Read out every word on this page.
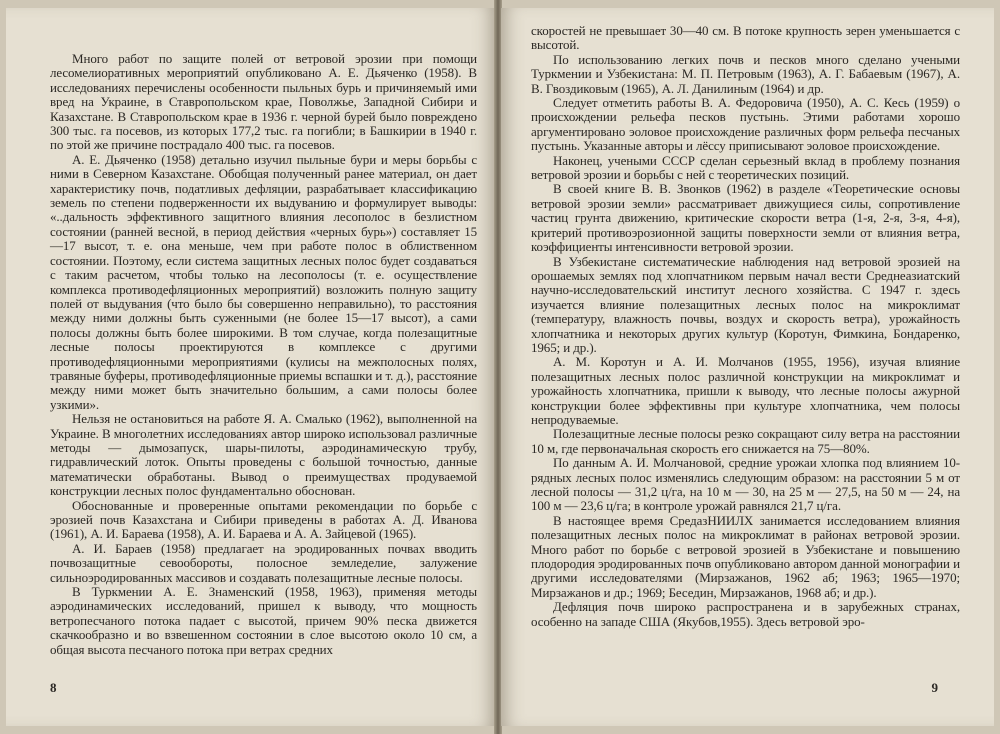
Много работ по защите полей от ветровой эрозии при помощи лесомелиоративных мероприятий опубликовано А. Е. Дьяченко (1958). В исследованиях перечислены особенности пыльных бурь и причиняемый ими вред на Украине, в Ставропольском крае, Поволжье, Западной Сибири и Казахстане. В Ставропольском крае в 1936 г. черной бурей было повреждено 300 тыс. га посевов, из которых 177,2 тыс. га погибли; в Башкирии в 1940 г. по этой же причине пострадало 400 тыс. га посевов.

А. Е. Дьяченко (1958) детально изучил пыльные бури и меры борьбы с ними в Северном Казахстане. Обобщая полученный ранее материал, он дает характеристику почв, податливых дефляции, разрабатывает классификацию земель по степени подверженности их выдуванию и формулирует выводы: «..дальность эффективного защитного влияния лесополос в безлистном состоянии (ранней весной, в период действия «черных бурь») составляет 15—17 высот, т. е. она меньше, чем при работе полос в облиственном состоянии. Поэтому, если система защитных лесных полос будет создаваться с таким расчетом, чтобы только на лесополосы (т. е. осуществление комплекса противодефляционных мероприятий) возложить полную защиту полей от выдувания (что было бы совершенно неправильно), то расстояния между ними должны быть суженными (не более 15—17 высот), а сами полосы должны быть более широкими. В том случае, когда полезащитные лесные полосы проектируются в комплексе с другими противодефляционными мероприятиями (кулисы на межполосных полях, травяные буферы, противодефляционные приемы вспашки и т. д.), расстояние между ними может быть значительно большим, а сами полосы более узкими».

Нельзя не остановиться на работе Я. А. Смалько (1962), выполненной на Украине. В многолетних исследованиях автор широко использовал различные методы — дымозапуск, шары-пилоты, аэродинамическую трубу, гидравлический лоток. Опыты проведены с большой точностью, данные математически обработаны. Вывод о преимуществах продуваемой конструкции лесных полос фундаментально обоснован.

Обоснованные и проверенные опытами рекомендации по борьбе с эрозией почв Казахстана и Сибири приведены в работах А. Д. Иванова (1961), А. И. Бараева (1958), А. И. Бараева и А. А. Зайцевой (1965).

А. И. Бараев (1958) предлагает на эродированных почвах вводить почвозащитные севообороты, полосное земледелие, залужение сильноэродированных массивов и создавать полезащитные лесные полосы.

В Туркмении А. Е. Знаменский (1958, 1963), применяя методы аэродинамических исследований, пришел к выводу, что мощность ветропесчаного потока падает с высотой, причем 90% песка движется скачкообразно и во взвешенном состоянии в слое высотою около 10 см, а общая высота песчаного потока при ветрах средних

8

скоростей не превышает 30—40 см. В потоке крупность зерен уменьшается с высотой.

По использованию легких почв и песков много сделано учеными Туркмении и Узбекистана: М. П. Петровым (1963), А. Г. Бабаевым (1967), А. В. Гвоздиковым (1965), А. Л. Данилиным (1964) и др.

Следует отметить работы В. А. Федоровича (1950), А. С. Кесь (1959) о происхождении рельефа песков пустынь. Этими работами хорошо аргументировано эоловое происхождение различных форм рельефа песчаных пустынь. Указанные авторы и лёссу приписывают эоловое происхождение.

Наконец, учеными СССР сделан серьезный вклад в проблему познания ветровой эрозии и борьбы с ней с теоретических позиций.

В своей книге В. В. Звонков (1962) в разделе «Теоретические основы ветровой эрозии земли» рассматривает движущиеся силы, сопротивление частиц грунта движению, критические скорости ветра (1-я, 2-я, 3-я, 4-я), критерий противоэрозионной защиты поверхности земли от влияния ветра, коэффициенты интенсивности ветровой эрозии.

В Узбекистане систематические наблюдения над ветровой эрозией на орошаемых землях под хлопчатником первым начал вести Среднеазиатский научно-исследовательский институт лесного хозяйства. С 1947 г. здесь изучается влияние полезащитных лесных полос на микроклимат (температуру, влажность почвы, воздух и скорость ветра), урожайность хлопчатника и некоторых других культур (Коротун, Фимкина, Бондаренко, 1965; и др.).

А. М. Коротун и А. И. Молчанов (1955, 1956), изучая влияние полезащитных лесных полос различной конструкции на микроклимат и урожайность хлопчатника, пришли к выводу, что лесные полосы ажурной конструкции более эффективны при культуре хлопчатника, чем полосы непродуваемые.

Полезащитные лесные полосы резко сокращают силу ветра на расстоянии 10 м, где первоначальная скорость его снижается на 75—80%.

По данным А. И. Молчановой, средние урожаи хлопка под влиянием 10-рядных лесных полос изменялись следующим образом: на расстоянии 5 м от лесной полосы — 31,2 ц/га, на 10 м — 30, на 25 м — 27,5, на 50 м — 24, на 100 м — 23,6 ц/га; в контроле урожай равнялся 21,7 ц/га.

В настоящее время СредазНИИЛХ занимается исследованием влияния полезащитных лесных полос на микроклимат в районах ветровой эрозии. Много работ по борьбе с ветровой эрозией в Узбекистане и повышению плодородия эродированных почв опубликовано автором данной монографии и другими исследователями (Мирзажанов, 1962 аб; 1963; 1965—1970; Мирзажанов и др.; 1969; Беседин, Мирзажанов, 1968 аб; и др.).

Дефляция почв широко распространена и в зарубежных странах, особенно на западе США (Якубов,1955). Здесь ветровой эро-

9
